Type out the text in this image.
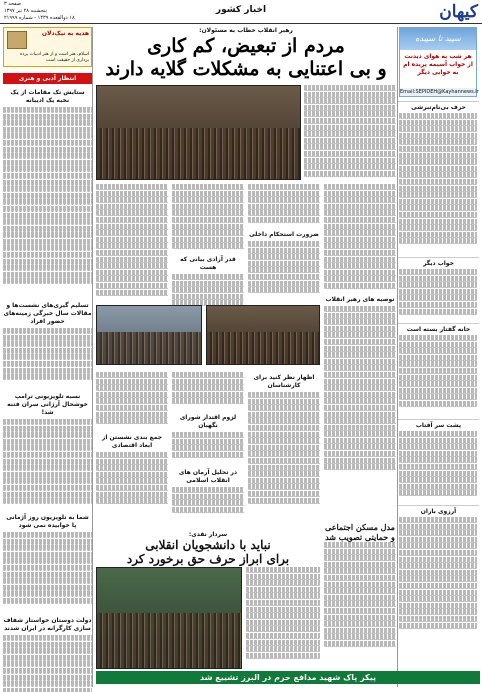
کیهان
اخبار کشور
صفحه ۳
پنجشنبه ۲۸ تیر ۱۳۹۷
۱۸ ذوالقعده ۱۴۳۹ - شماره ۲۱۹۹۹
سپید تا سپیده
هر شب به هوای دیدنت از خواب آسیمه پریده ام به خوابی دیگر
Email:SEPIDEH@Kayhannews.ir
حرف بی‌نام‌تبرشی
خواب دیگر
خانه گفتار بسته است
پشت سر آفتاب
آرزوی باران
هدیه به نیک‌دلان
اسلام، هنر است و از هنر ادبیات پرده برداری از حقیقت است
انتظار آدبی و هنری
ستایش تک مقامات از یک نخبه یک ادیبانه
تسلیم گیری‌های نشست‌ها و مقالات سال خبرگی زمینه‌های حضور افراد
نسبه تلویزیونی ترامپ خوشحال آرژانی سران فتنه شد!
شما به تلویزیون روز آژمانی پا خوابیده نمی شود
دولت دوستان خواستار شفاف سازی کارگرانه در ایران شدند
رهبر انقلاب خطاب به مسئولان:
مردم از تبعیض، کم کاری
و بی اعتنایی به مشکلات گلایه دارند
توصیه های رهبر انقلاب
ضرورت استحکام داخلی
قدر آزادی بیانی که هست
اظهار نظر کنید برای کارشناسان
لزوم اقتدار شورای نگهبان
در تحلیل آرمان های انقلاب اسلامی
جمع بندی نشستن از ابعاد اقتصادی
سردار نقدی:
نباید با دانشجویان انقلابی
برای ابراز حرف حق برخورد کرد
مدل مسکن اجتماعی و حمایتی تصویب شد
پیکر پاک شهید مدافع حرم در البرز تشییع شد
